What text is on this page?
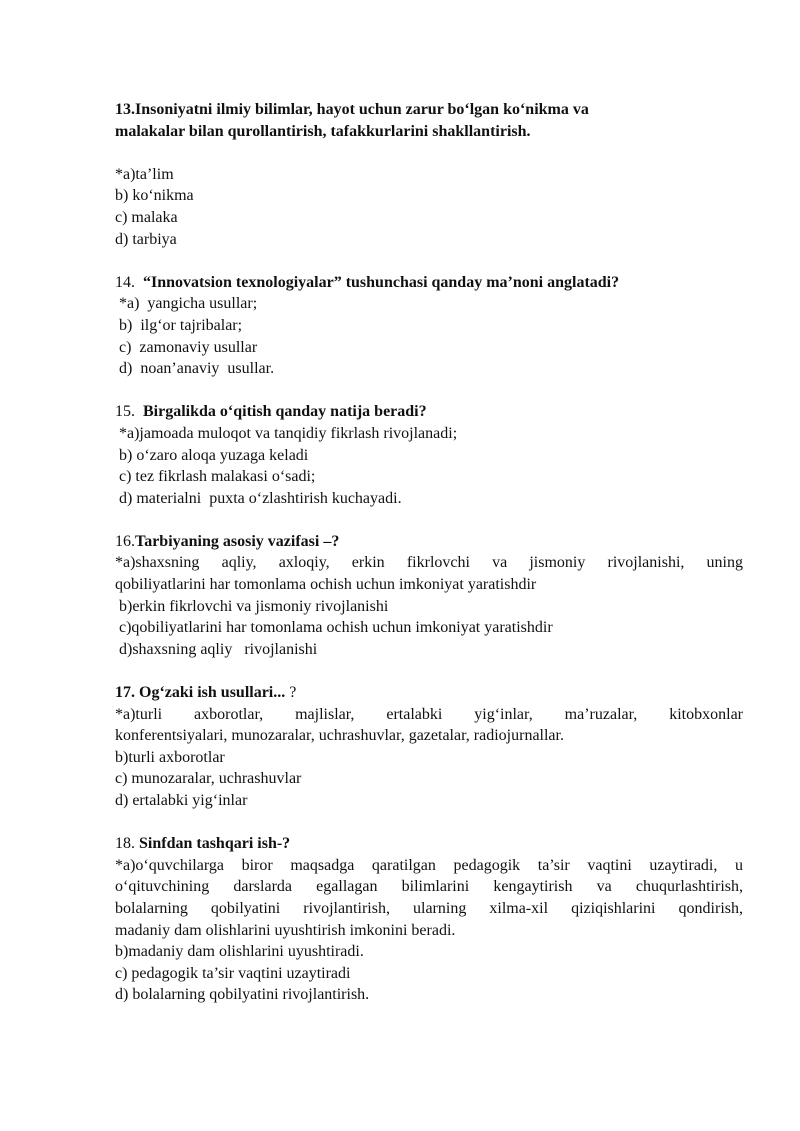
13.Insoniyatni ilmiy bilimlar, hayot uchun zarur bo‘lgan ko‘nikma va

malakalar bilan qurollantirish, tafakkurlarini shakllantirish.

*a)ta’lim

b) ko‘nikma

c) malaka

d) tarbiya

14. “Innovatsion texnologiyalar” tushunchasi qanday ma’noni anglatadi?

*a)  yangicha usullar;

b)  ilg‘or tajribalar;

c)  zamonaviy usullar

d)  noan’anaviy  usullar.

15. Birgalikda o‘qitish qanday natija beradi?

*a)jamoada muloqot va tanqidiy fikrlash rivojlanadi;

b) o‘zaro aloqa yuzaga keladi

c) tez fikrlash malakasi o‘sadi;

d) materialni  puxta o‘zlashtirish kuchayadi.

16.Tarbiyaning asosiy vazifasi –?

*a)shaxsning aqliy, axloqiy, erkin fikrlovchi va jismoniy rivojlanishi, uning

qobiliyatlarini har tomonlama ochish uchun imkoniyat yaratishdir

b)erkin fikrlovchi va jismoniy rivojlanishi

c)qobiliyatlarini har tomonlama ochish uchun imkoniyat yaratishdir

d)shaxsning aqliy   rivojlanishi

17. Og‘zaki ish usullari... ?

*a)turli axborotlar, majlislar, ertalabki yig‘inlar, ma’ruzalar, kitobxonlar

konferentsiyalari, munozaralar, uchrashuvlar, gazetalar, radiojurnallar.

b)turli axborotlar

c) munozaralar, uchrashuvlar

d) ertalabki yig‘inlar

18. Sinfdan tashqari ish-?

*a)o‘quvchilarga biror maqsadga qaratilgan pedagogik ta’sir vaqtini uzaytiradi, u

o‘qituvchining darslarda egallagan bilimlarini kengaytirish va chuqurlashtirish,

bolalarning qobilyatini rivojlantirish, ularning xilma-xil qiziqishlarini qondirish,

madaniy dam olishlarini uyushtirish imkonini beradi.

b)madaniy dam olishlarini uyushtiradi.

c) pedagogik ta’sir vaqtini uzaytiradi

d) bolalarning qobilyatini rivojlantirish.
